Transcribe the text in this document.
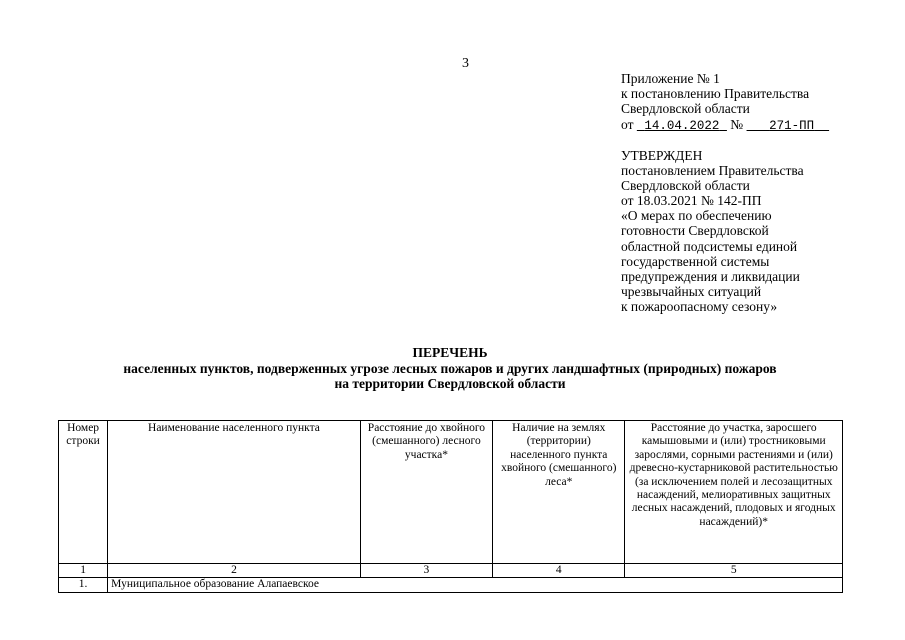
3
Приложение № 1
к постановлению Правительства
Свердловской области
от 14.04.2022 № 271-ПП
УТВЕРЖДЕН
постановлением Правительства
Свердловской области
от 18.03.2021 № 142-ПП
«О мерах по обеспечению
готовности Свердловской
областной подсистемы единой
государственной системы
предупреждения и ликвидации
чрезвычайных ситуаций
к пожароопасному сезону»
ПЕРЕЧЕНЬ
населенных пунктов, подверженных угрозе лесных пожаров и других ландшафтных (природных) пожаров
на территории Свердловской области
Номер строки	Наименование населенного пункта	Расстояние до хвойного (смешанного) лесного участка*	Наличие на землях (территории) населенного пункта хвойного (смешанного) леса*	Расстояние до участка, заросшего камышовыми и (или) тростниковыми зарослями, сорными растениями и (или) древесно-кустарниковой растительностью (за исключением полей и лесозащитных насаждений, мелиоративных защитных лесных насаждений, плодовых и ягодных насаждений)*
1	2	3	4	5
1.	Муниципальное образование Алапаевское			
